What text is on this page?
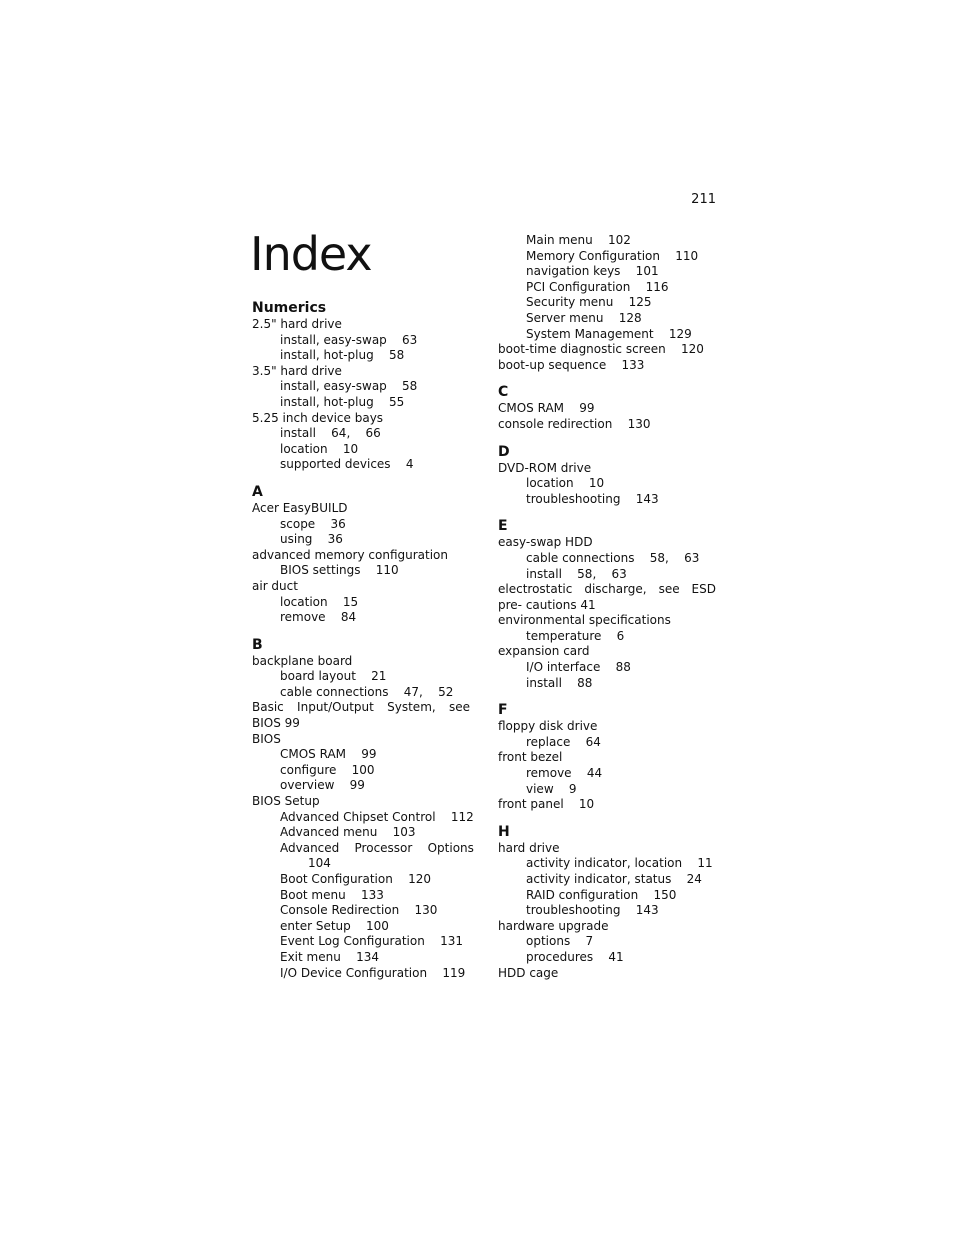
211
Index
Numerics
2.5" hard drive
install, easy-swap    63
install, hot-plug    58
3.5" hard drive
install, easy-swap    58
install, hot-plug    55
5.25 inch device bays
install    64,    66
location    10
supported devices    4
A
Acer EasyBUILD
scope    36
using    36
advanced memory configuration
BIOS settings    110
air duct
location    15
remove    84
B
backplane board
board layout    21
cable connections    47,    52
Basic Input/Output System, see BIOS 99
BIOS
CMOS RAM    99
configure    100
overview    99
BIOS Setup
Advanced Chipset Control    112
Advanced menu    103
Advanced    Processor    Options
104
Boot Configuration    120
Boot menu    133
Console Redirection    130
enter Setup    100
Event Log Configuration    131
Exit menu    134
I/O Device Configuration    119
Main menu    102
Memory Configuration    110
navigation keys    101
PCI Configuration    116
Security menu    125
Server menu    128
System Management    129
boot-time diagnostic screen    120
boot-up sequence    133
C
CMOS RAM    99
console redirection    130
D
DVD-ROM drive
location    10
troubleshooting    143
E
easy-swap HDD
cable connections    58,    63
install    58,    63
electrostatic discharge, see ESD pre- cautions 41
environmental specifications
temperature    6
expansion card
I/O interface    88
install    88
F
floppy disk drive
replace    64
front bezel
remove    44
view    9
front panel    10
H
hard drive
activity indicator, location    11
activity indicator, status    24
RAID configuration    150
troubleshooting    143
hardware upgrade
options    7
procedures    41
HDD cage
